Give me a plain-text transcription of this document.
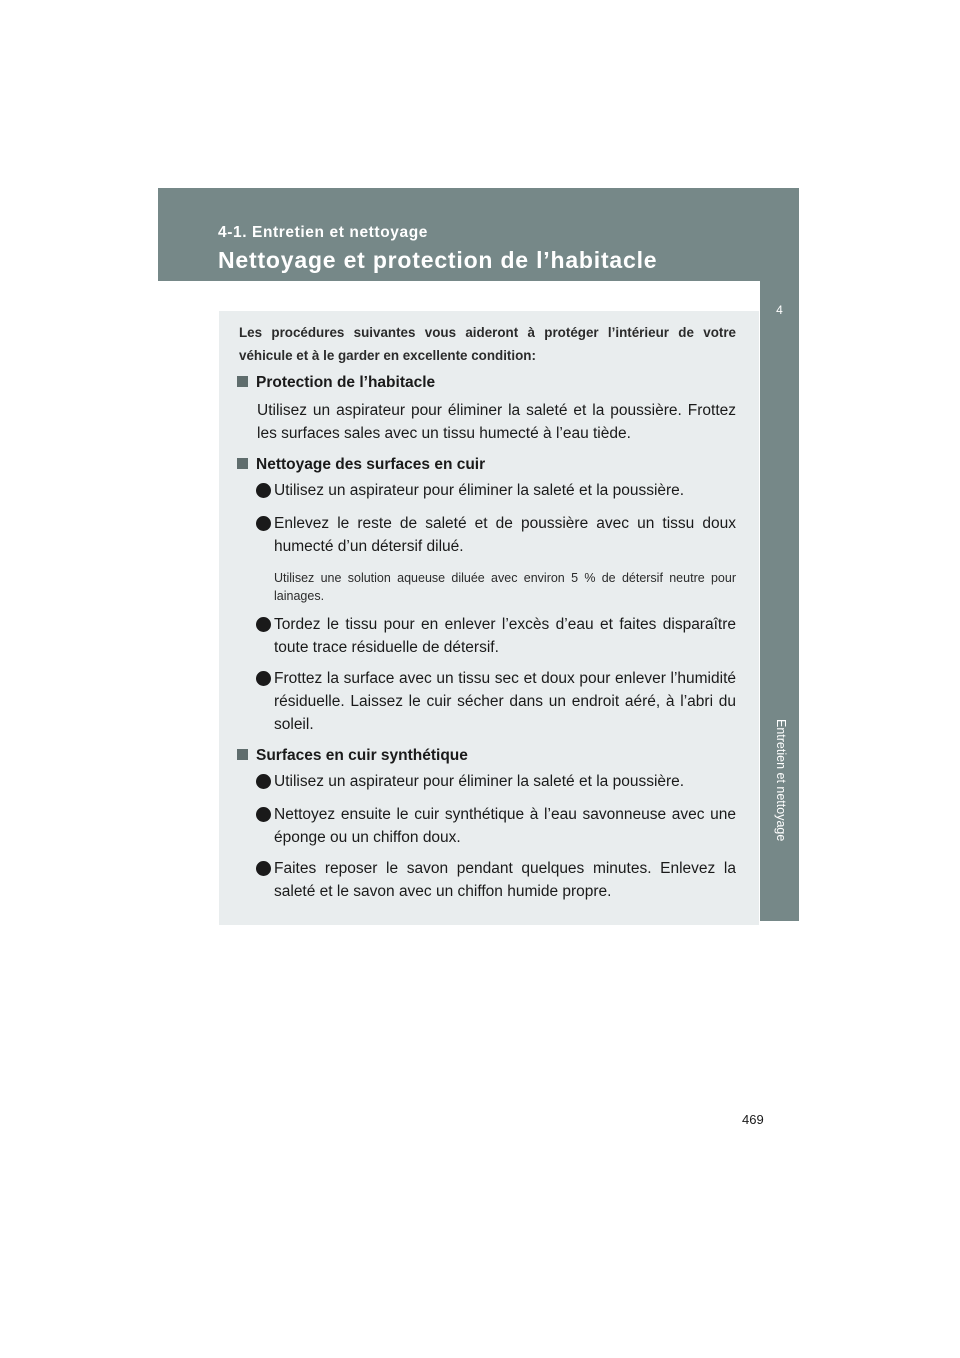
4-1. Entretien et nettoyage
Nettoyage et protection de l’habitacle
4
Entretien et nettoyage
Les procédures suivantes vous aideront à protéger l’intérieur de votre véhicule et à le garder en excellente condition:
Protection de l’habitacle
Utilisez un aspirateur pour éliminer la saleté et la poussière. Frottez les surfaces sales avec un tissu humecté à l’eau tiède.
Nettoyage des surfaces en cuir
Utilisez un aspirateur pour éliminer la saleté et la poussière.
Enlevez le reste de saleté et de poussière avec un tissu doux humecté d’un détersif dilué.
Utilisez une solution aqueuse diluée avec environ 5 % de détersif neutre pour lainages.
Tordez le tissu pour en enlever l’excès d’eau et faites disparaître toute trace résiduelle de détersif.
Frottez la surface avec un tissu sec et doux pour enlever l’humidité résiduelle. Laissez le cuir sécher dans un endroit aéré, à l’abri du soleil.
Surfaces en cuir synthétique
Utilisez un aspirateur pour éliminer la saleté et la poussière.
Nettoyez ensuite le cuir synthétique à l’eau savonneuse avec une éponge ou un chiffon doux.
Faites reposer le savon pendant quelques minutes. Enlevez la saleté et le savon avec un chiffon humide propre.
469
